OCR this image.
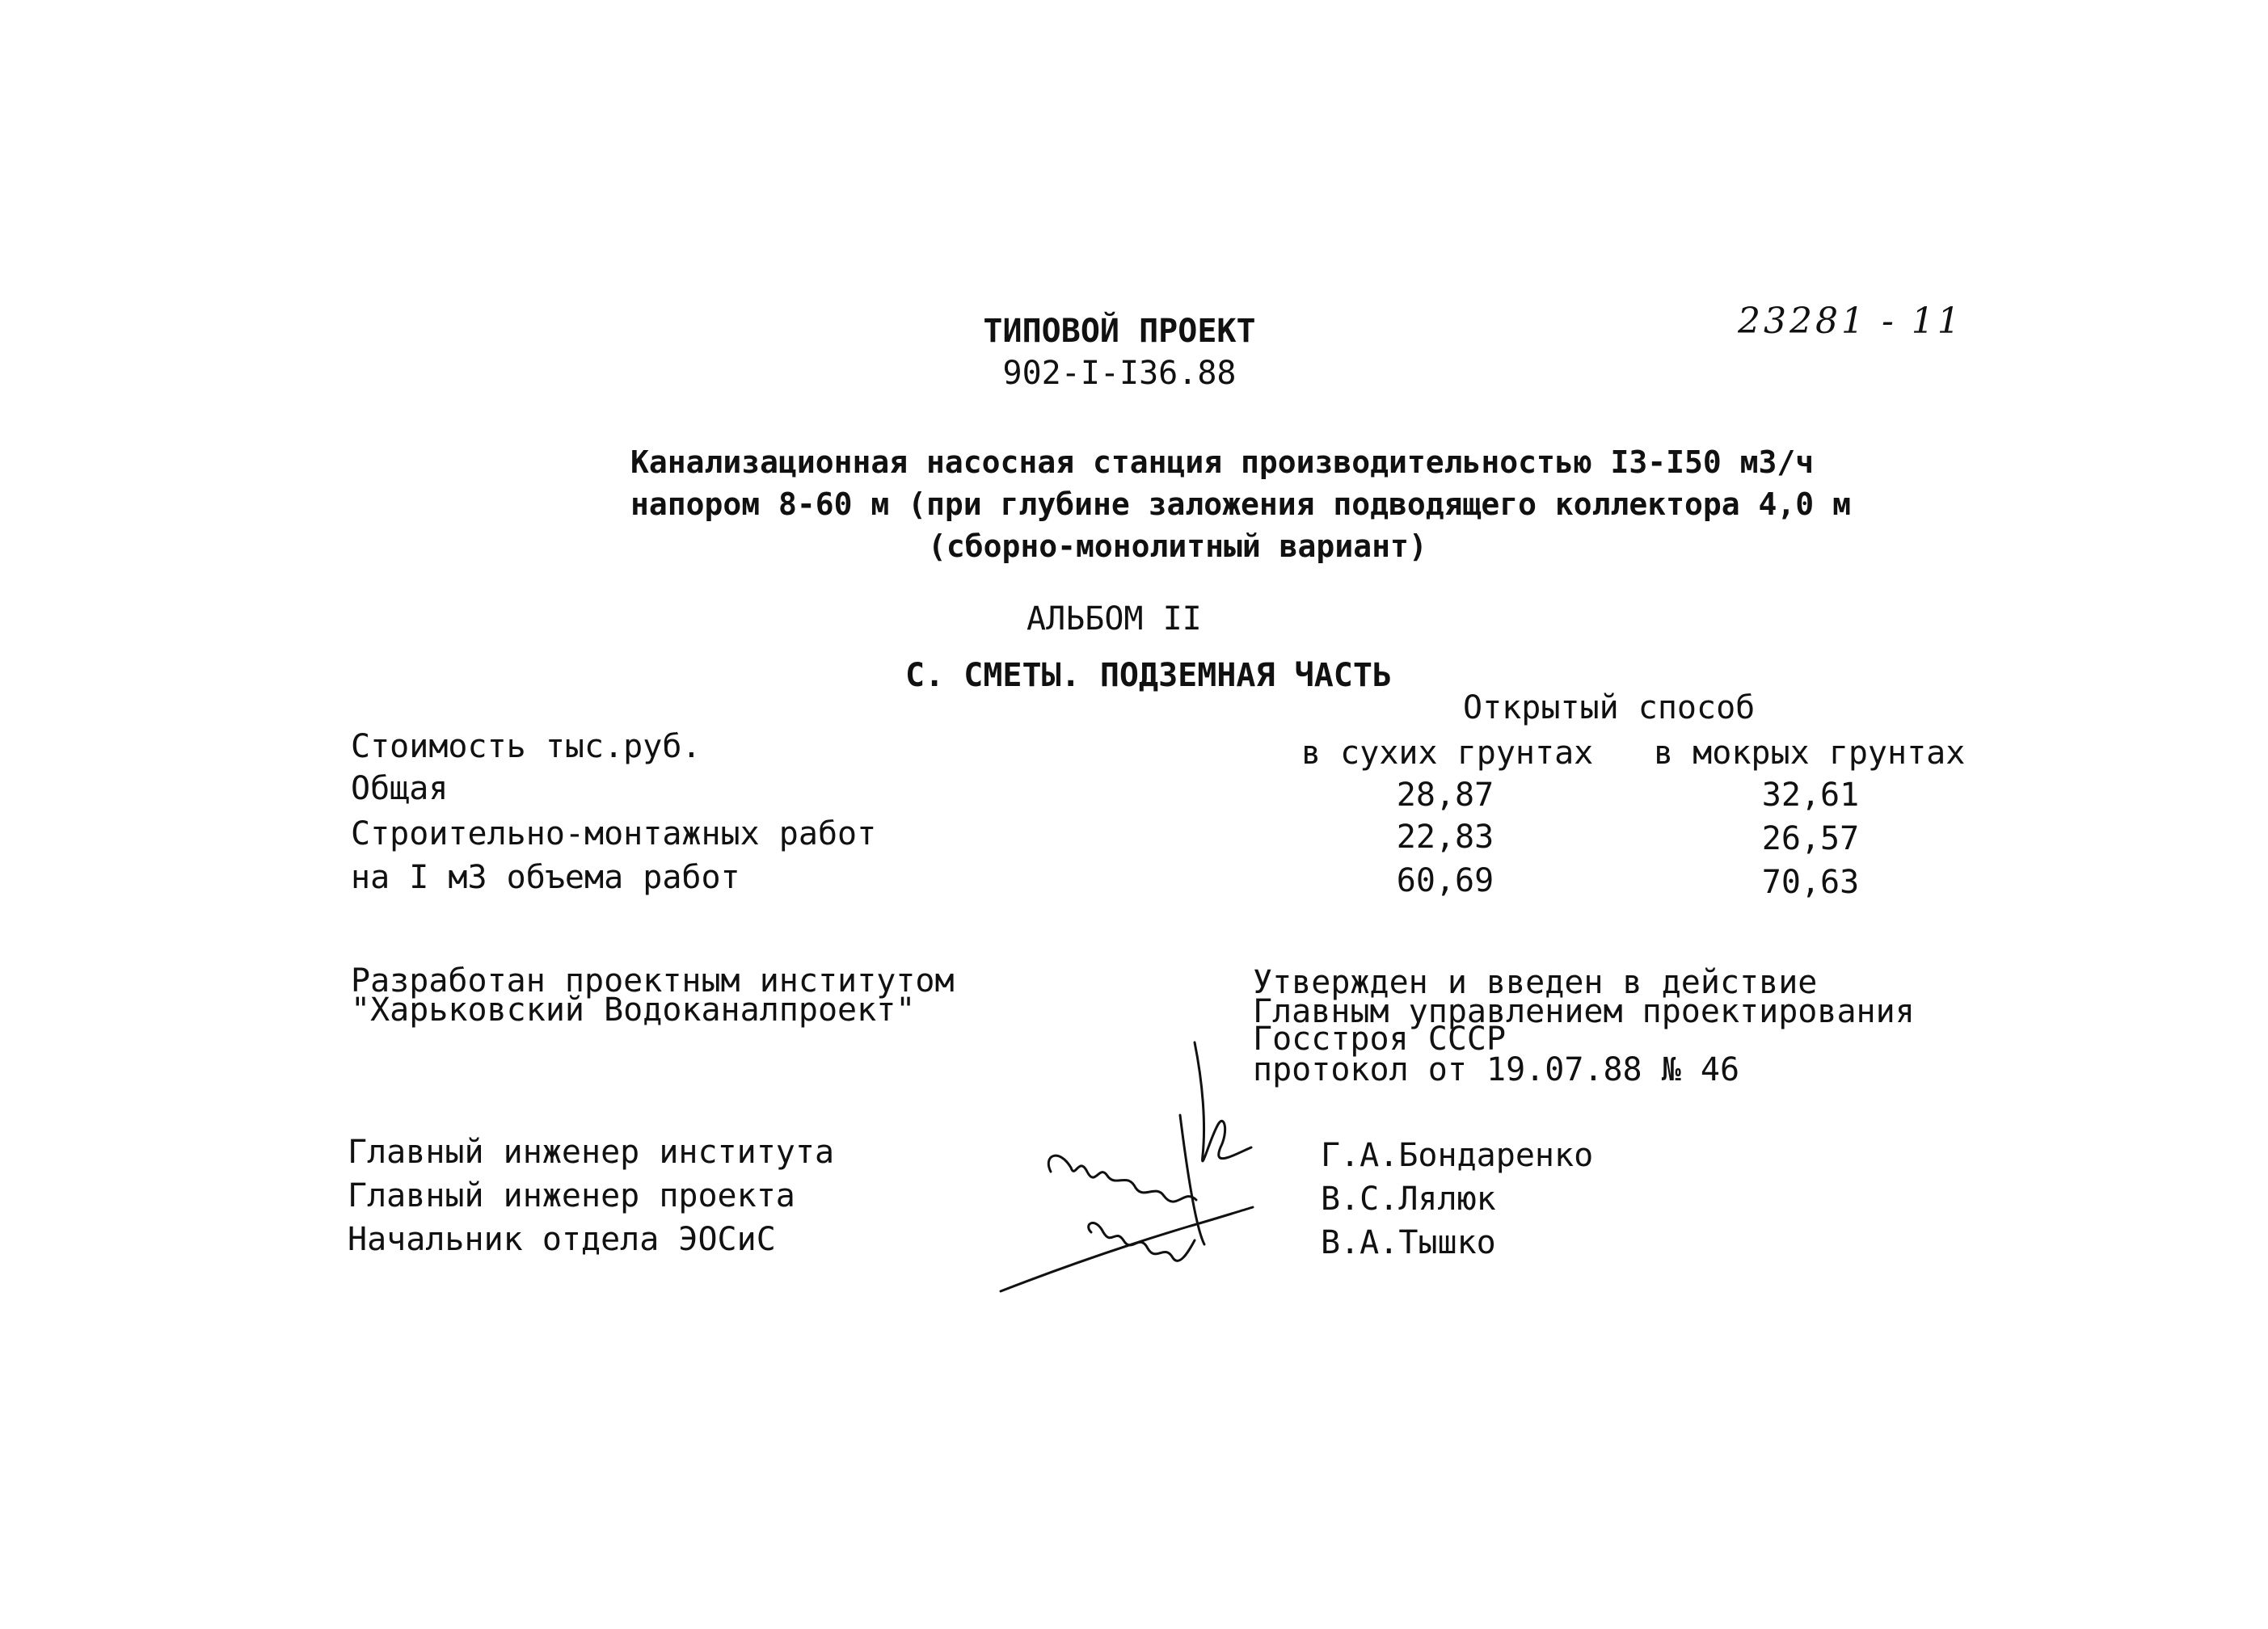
23281 - 11
ТИПОВОЙ ПРОЕКТ
902-I-I36.88
Канализационная насосная станция производительностью I3-I50 м3/ч
напором 8-60 м (при глубине заложения подводящего коллектора 4,0 м
(сборно-монолитный вариант)
АЛЬБОМ II
С. СМЕТЫ. ПОДЗЕМНАЯ ЧАСТЬ
Открытый способ
Стоимость тыс.руб.	в сухих грунтах в мокрых грунтах
Общая	28,87	32,61
Строительно-монтажных работ	22,83	26,57
на I м3 объема работ	60,69	70,63
Разработан проектным институтом
"Харьковский Водоканалпроект"
Утвержден и введен в действие
Главным управлением проектирования
Госстроя СССР
протокол от 19.07.88 № 46
Главный инженер института
Главный инженер проекта
Начальник отдела ЭОСиС
Г.А.Бондаренко
В.С.Лялюк
В.А.Тышко
